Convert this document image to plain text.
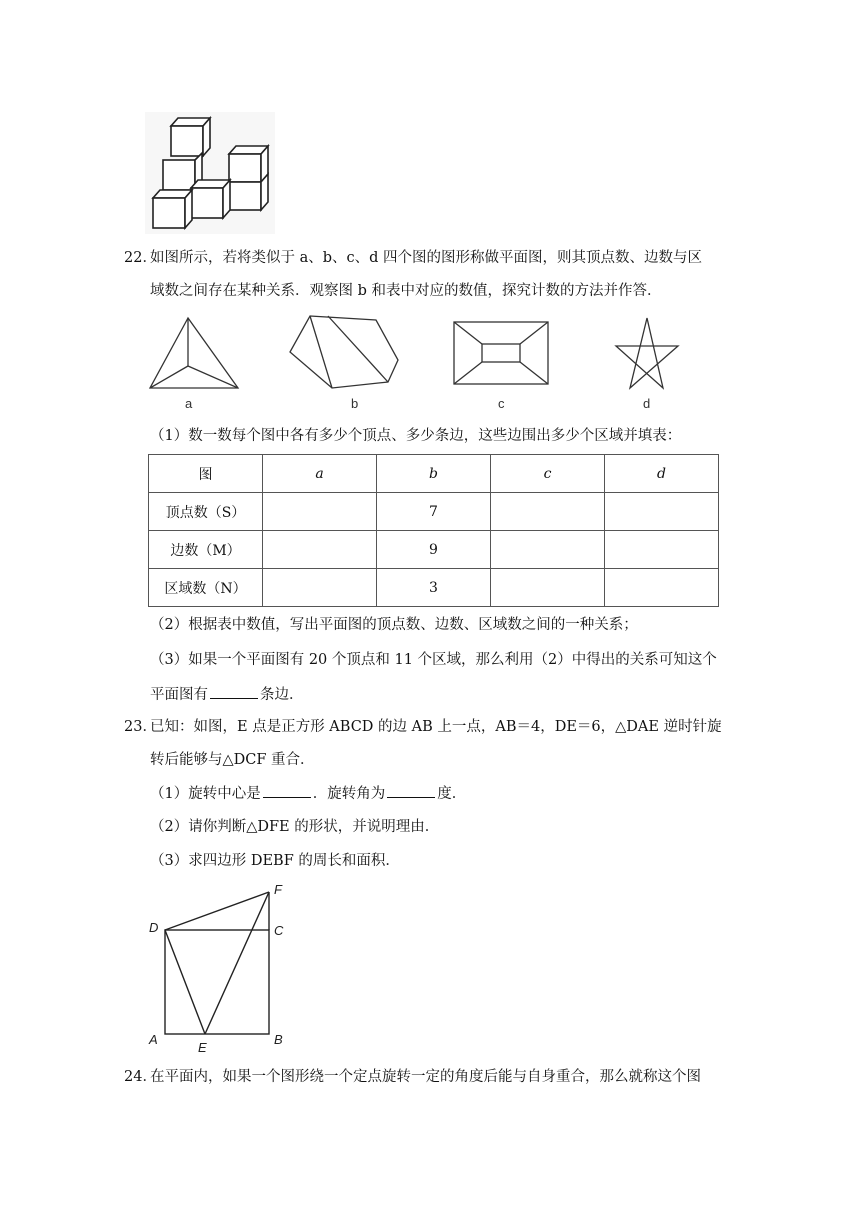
22．
如图所示，若将类似于 a、b、c、d 四个图的图形称做平面图，则其顶点数、边数与区
域数之间存在某种关系．观察图 b 和表中对应的数值，探究计数的方法并作答．
a	b	c	d
（1）数一数每个图中各有多少个顶点、多少条边，这些边围出多少个区域并填表：
图	a	b	c	d
顶点数（S）		7		
边数（M）		9		
区域数（N）		3		
（2）根据表中数值，写出平面图的顶点数、边数、区域数之间的一种关系；
（3）如果一个平面图有 20 个顶点和 11 个区域，那么利用（2）中得出的关系可知这个
平面图有	条边．
23．
已知：如图，E 点是正方形 ABCD 的边 AB 上一点，AB＝4，DE＝6，△DAE 逆时针旋
转后能够与△DCF 重合．
（1）旋转中心是	．旋转角为	度．
（2）请你判断△DFE 的形状，并说明理由．
（3）求四边形 DEBF 的周长和面积．
F
D	C
A
E
B
24．
在平面内，如果一个图形绕一个定点旋转一定的角度后能与自身重合，那么就称这个图
